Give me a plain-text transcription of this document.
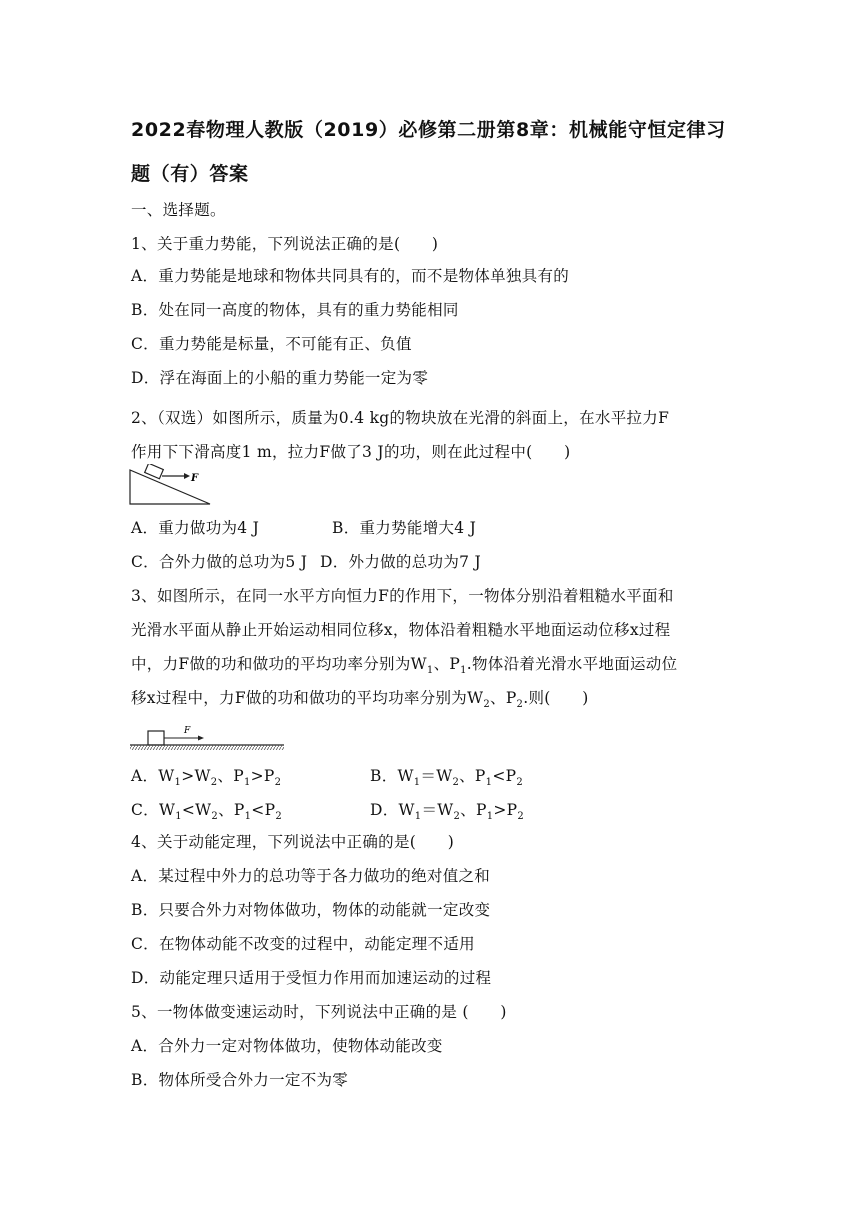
2022春物理人教版（2019）必修第二册第8章：机械能守恒定律习题（有）答案
一、选择题。
1、关于重力势能，下列说法正确的是(　　)
A．重力势能是地球和物体共同具有的，而不是物体单独具有的
B．处在同一高度的物体，具有的重力势能相同
C．重力势能是标量，不可能有正、负值
D．浮在海面上的小船的重力势能一定为零
2、（双选）如图所示，质量为0.4 kg的物块放在光滑的斜面上，在水平拉力F
作用下下滑高度1 m，拉力F做了3 J的功，则在此过程中(　　)
F
A．重力做功为4 J	B．重力势能增大4 J
C．合外力做的总功为5 J D．外力做的总功为7 J
3、如图所示，在同一水平方向恒力F的作用下，一物体分别沿着粗糙水平面和
光滑水平面从静止开始运动相同位移x，物体沿着粗糙水平地面运动位移x过程
中，力F做的功和做功的平均功率分别为$W_1$、$P_1$.物体沿着光滑水平地面运动位
移x过程中，力F做的功和做功的平均功率分别为$W_2$、$P_2$.则(　　)
F
A．$W_1>W_2$、$P_1>P_2$	B．$W_1=W_2$、$P_1<P_2$
C．$W_1<W_2$、$P_1<P_2$	D．$W_1=W_2$、$P_1>P_2$
4、关于动能定理，下列说法中正确的是(　　)
A．某过程中外力的总功等于各力做功的绝对值之和
B．只要合外力对物体做功，物体的动能就一定改变
C．在物体动能不改变的过程中，动能定理不适用
D．动能定理只适用于受恒力作用而加速运动的过程
5、一物体做变速运动时，下列说法中正确的是 (　　)
A．合外力一定对物体做功，使物体动能改变
B．物体所受合外力一定不为零
